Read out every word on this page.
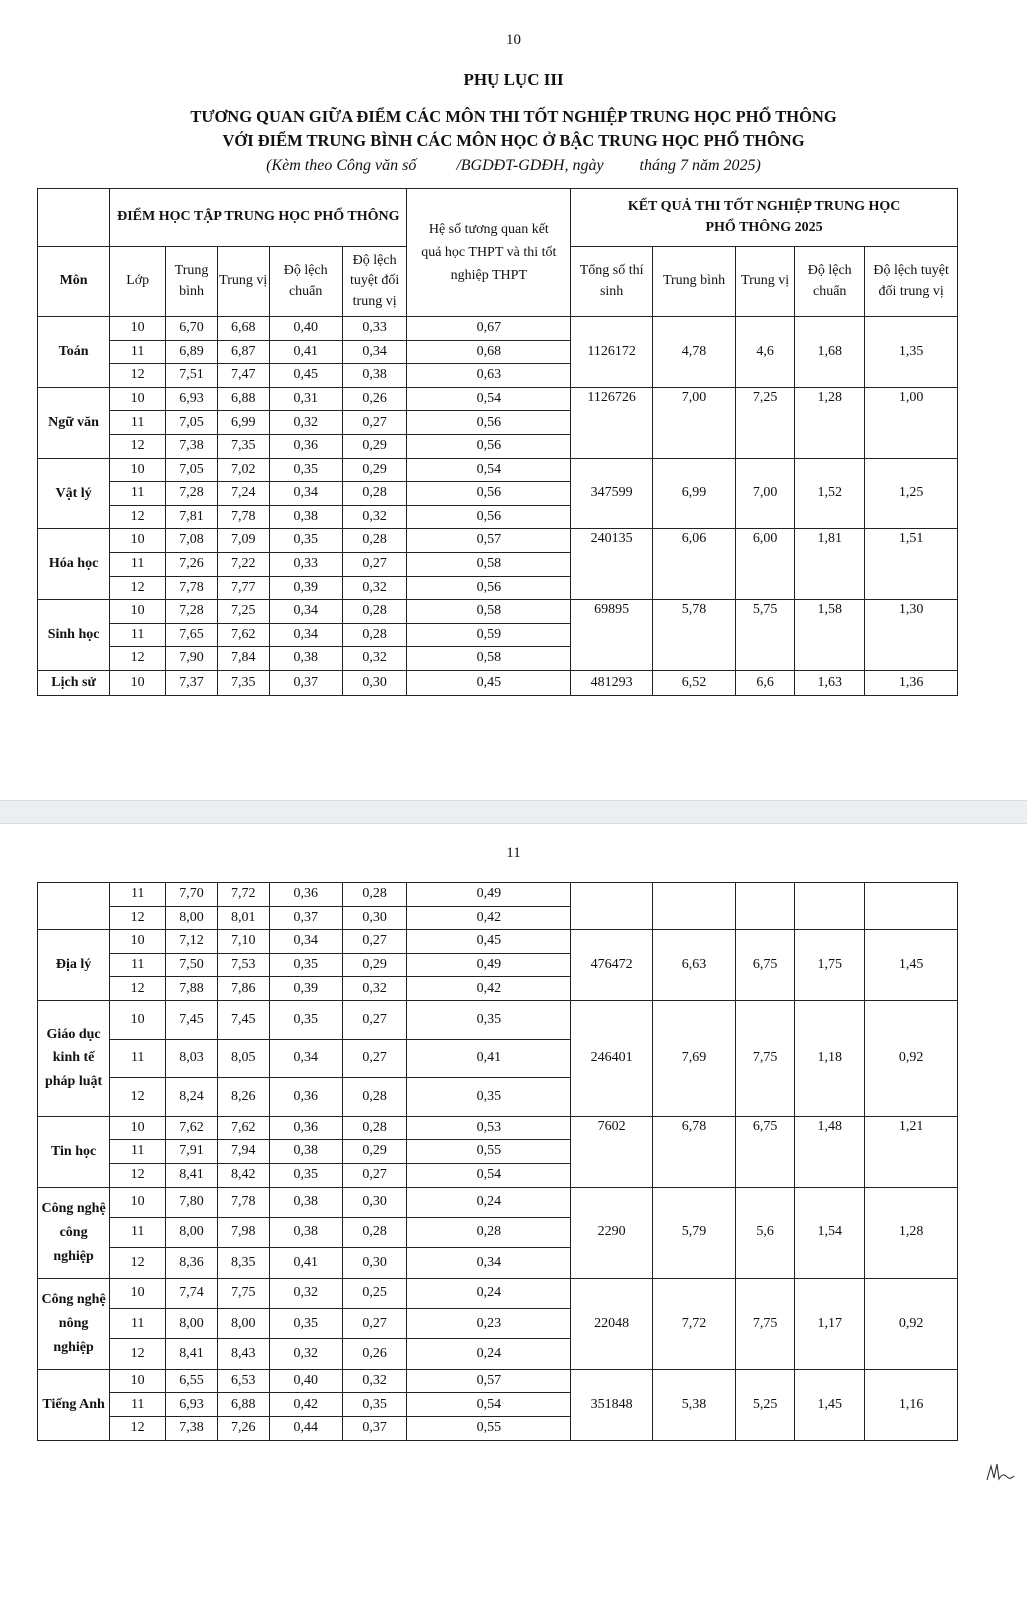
10
PHỤ LỤC III
TƯƠNG QUAN GIỮA ĐIỂM CÁC MÔN THI TỐT NGHIỆP TRUNG HỌC PHỔ THÔNG
VỚI ĐIỂM TRUNG BÌNH CÁC MÔN HỌC Ở BẬC TRUNG HỌC PHỔ THÔNG
(Kèm theo Công văn số          /BGDĐT-GDĐH, ngày         tháng 7 năm 2025)
	ĐIỂM HỌC TẬP TRUNG HỌC PHỔ THÔNG					Hệ số tương quan kết quả học THPT và thi tốt nghiệp THPT	KẾT QUẢ THI TỐT NGHIỆP TRUNG HỌC PHỔ THÔNG 2025				
Môn	Lớp	Trung bình	Trung vị	Độ lệch chuẩn	Độ lệch tuyệt đối trung vị		Tổng số thí sinh	Trung bình	Trung vị	Độ lệch chuẩn	Độ lệch tuyệt đối trung vị
Toán	10	6,70	6,68	0,40	0,33	0,67	1126172	4,78	4,6	1,68	1,35
	11	6,89	6,87	0,41	0,34	0,68					
	12	7,51	7,47	0,45	0,38	0,63					
Ngữ văn	10	6,93	6,88	0,31	0,26	0,54	1126726	7,00	7,25	1,28	1,00
	11	7,05	6,99	0,32	0,27	0,56					
	12	7,38	7,35	0,36	0,29	0,56					
Vật lý	10	7,05	7,02	0,35	0,29	0,54	347599	6,99	7,00	1,52	1,25
	11	7,28	7,24	0,34	0,28	0,56					
	12	7,81	7,78	0,38	0,32	0,56					
Hóa học	10	7,08	7,09	0,35	0,28	0,57	240135	6,06	6,00	1,81	1,51
	11	7,26	7,22	0,33	0,27	0,58					
	12	7,78	7,77	0,39	0,32	0,56					
Sinh học	10	7,28	7,25	0,34	0,28	0,58	69895	5,78	5,75	1,58	1,30
	11	7,65	7,62	0,34	0,28	0,59					
	12	7,90	7,84	0,38	0,32	0,58					
Lịch sử	10	7,37	7,35	0,37	0,30	0,45	481293	6,52	6,6	1,63	1,36
11
	11	7,70	7,72	0,36	0,28	0,49					
	12	8,00	8,01	0,37	0,30	0,42					
Địa lý	10	7,12	7,10	0,34	0,27	0,45	476472	6,63	6,75	1,75	1,45
	11	7,50	7,53	0,35	0,29	0,49					
	12	7,88	7,86	0,39	0,32	0,42					
Giáo dục kinh tế pháp luật	10	7,45	7,45	0,35	0,27	0,35	246401	7,69	7,75	1,18	0,92
	11	8,03	8,05	0,34	0,27	0,41					
	12	8,24	8,26	0,36	0,28	0,35					
Tin học	10	7,62	7,62	0,36	0,28	0,53	7602	6,78	6,75	1,48	1,21
	11	7,91	7,94	0,38	0,29	0,55					
	12	8,41	8,42	0,35	0,27	0,54					
Công nghệ công nghiệp	10	7,80	7,78	0,38	0,30	0,24	2290	5,79	5,6	1,54	1,28
	11	8,00	7,98	0,38	0,28	0,28					
	12	8,36	8,35	0,41	0,30	0,34					
Công nghệ nông nghiệp	10	7,74	7,75	0,32	0,25	0,24	22048	7,72	7,75	1,17	0,92
	11	8,00	8,00	0,35	0,27	0,23					
	12	8,41	8,43	0,32	0,26	0,24					
Tiếng Anh	10	6,55	6,53	0,40	0,32	0,57	351848	5,38	5,25	1,45	1,16
	11	6,93	6,88	0,42	0,35	0,54					
	12	7,38	7,26	0,44	0,37	0,55					
